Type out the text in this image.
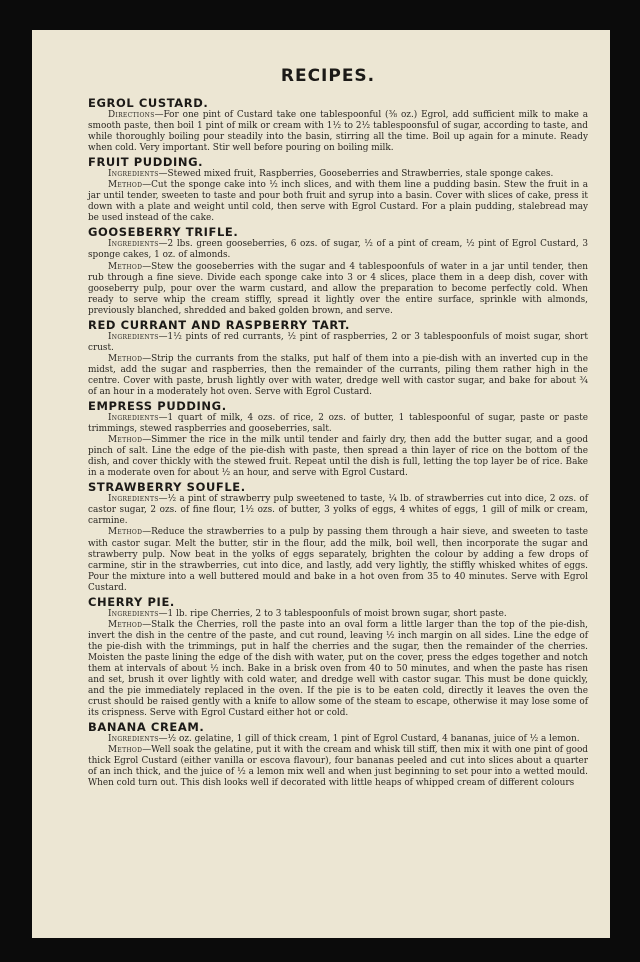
RECIPES.
EGROL CUSTARD.

Directions—For one pint of Custard take one tablespoonful (⅜ oz.) Egrol, add sufficient milk to make a smooth paste, then boil 1 pint of milk or cream with 1½ to 2½ tablespoonsful of sugar, according to taste, and while thoroughly boiling pour steadily into the basin, stirring all the time. Boil up again for a minute. Ready when cold. Very important. Stir well before pouring on boiling milk.

FRUIT PUDDING.

Ingredients—Stewed mixed fruit, Raspberries, Gooseberries and Strawberries, stale sponge cakes.

Method—Cut the sponge cake into ½ inch slices, and with them line a pudding basin. Stew the fruit in a jar until tender, sweeten to taste and pour both fruit and syrup into a basin. Cover with slices of cake, press it down with a plate and weight until cold, then serve with Egrol Custard. For a plain pudding, stalebread may be used instead of the cake.

GOOSEBERRY TRIFLE.

Ingredients—2 lbs. green gooseberries, 6 ozs. of sugar, ½ of a pint of cream, ½ pint of Egrol Custard, 3 sponge cakes, 1 oz. of almonds.

Method—Stew the gooseberries with the sugar and 4 tablespoonfuls of water in a jar until tender, then rub through a fine sieve. Divide each sponge cake into 3 or 4 slices, place them in a deep dish, cover with gooseberry pulp, pour over the warm custard, and allow the preparation to become perfectly cold. When ready to serve whip the cream stiffly, spread it lightly over the entire surface, sprinkle with almonds, previously blanched, shredded and baked golden brown, and serve.

RED CURRANT AND RASPBERRY TART.

Ingredients—1½ pints of red currants, ½ pint of raspberries, 2 or 3 tablespoonfuls of moist sugar, short crust.

Method—Strip the currants from the stalks, put half of them into a pie-dish with an inverted cup in the midst, add the sugar and raspberries, then the remainder of the currants, piling them rather high in the centre. Cover with paste, brush lightly over with water, dredge well with castor sugar, and bake for about ¾ of an hour in a moderately hot oven. Serve with Egrol Custard.

EMPRESS PUDDING.

Ingredients—1 quart of milk, 4 ozs. of rice, 2 ozs. of butter, 1 tablespoonful of sugar, paste or paste trimmings, stewed raspberries and gooseberries, salt.

Method—Simmer the rice in the milk until tender and fairly dry, then add the butter sugar, and a good pinch of salt. Line the edge of the pie-dish with paste, then spread a thin layer of rice on the bottom of the dish, and cover thickly with the stewed fruit. Repeat until the dish is full, letting the top layer be of rice. Bake in a moderate oven for about ½ an hour, and serve with Egrol Custard.

STRAWBERRY SOUFLE.

Ingredients—½ a pint of strawberry pulp sweetened to taste, ¼ lb. of strawberries cut into dice, 2 ozs. of castor sugar, 2 ozs. of fine flour, 1½ ozs. of butter, 3 yolks of eggs, 4 whites of eggs, 1 gill of milk or cream, carmine.

Method—Reduce the strawberries to a pulp by passing them through a hair sieve, and sweeten to taste with castor sugar. Melt the butter, stir in the flour, add the milk, boil well, then incorporate the sugar and strawberry pulp. Now beat in the yolks of eggs separately, brighten the colour by adding a few drops of carmine, stir in the strawberries, cut into dice, and lastly, add very lightly, the stiffly whisked whites of eggs. Pour the mixture into a well buttered mould and bake in a hot oven from 35 to 40 minutes. Serve with Egrol Custard.

CHERRY PIE.

Ingredients—1 lb. ripe Cherries, 2 to 3 tablespoonfuls of moist brown sugar, short paste.

Method—Stalk the Cherries, roll the paste into an oval form a little larger than the top of the pie-dish, invert the dish in the centre of the paste, and cut round, leaving ½ inch margin on all sides. Line the edge of the pie-dish with the trimmings, put in half the cherries and the sugar, then the remainder of the cherries. Moisten the paste lining the edge of the dish with water, put on the cover, press the edges together and notch them at intervals of about ½ inch. Bake in a brisk oven from 40 to 50 minutes, and when the paste has risen and set, brush it over lightly with cold water, and dredge well with castor sugar. This must be done quickly, and the pie immediately replaced in the oven. If the pie is to be eaten cold, directly it leaves the oven the crust should be raised gently with a knife to allow some of the steam to escape, otherwise it may lose some of its crispness. Serve with Egrol Custard either hot or cold.

BANANA CREAM.

Ingredients—½ oz. gelatine, 1 gill of thick cream, 1 pint of Egrol Custard, 4 bananas, juice of ½ a lemon.

Method—Well soak the gelatine, put it with the cream and whisk till stiff, then mix it with one pint of good thick Egrol Custard (either vanilla or escova flavour), four bananas peeled and cut into slices about a quarter of an inch thick, and the juice of ½ a lemon mix well and when just beginning to set pour into a wetted mould. When cold turn out. This dish looks well if decorated with little heaps of whipped cream of different colours
